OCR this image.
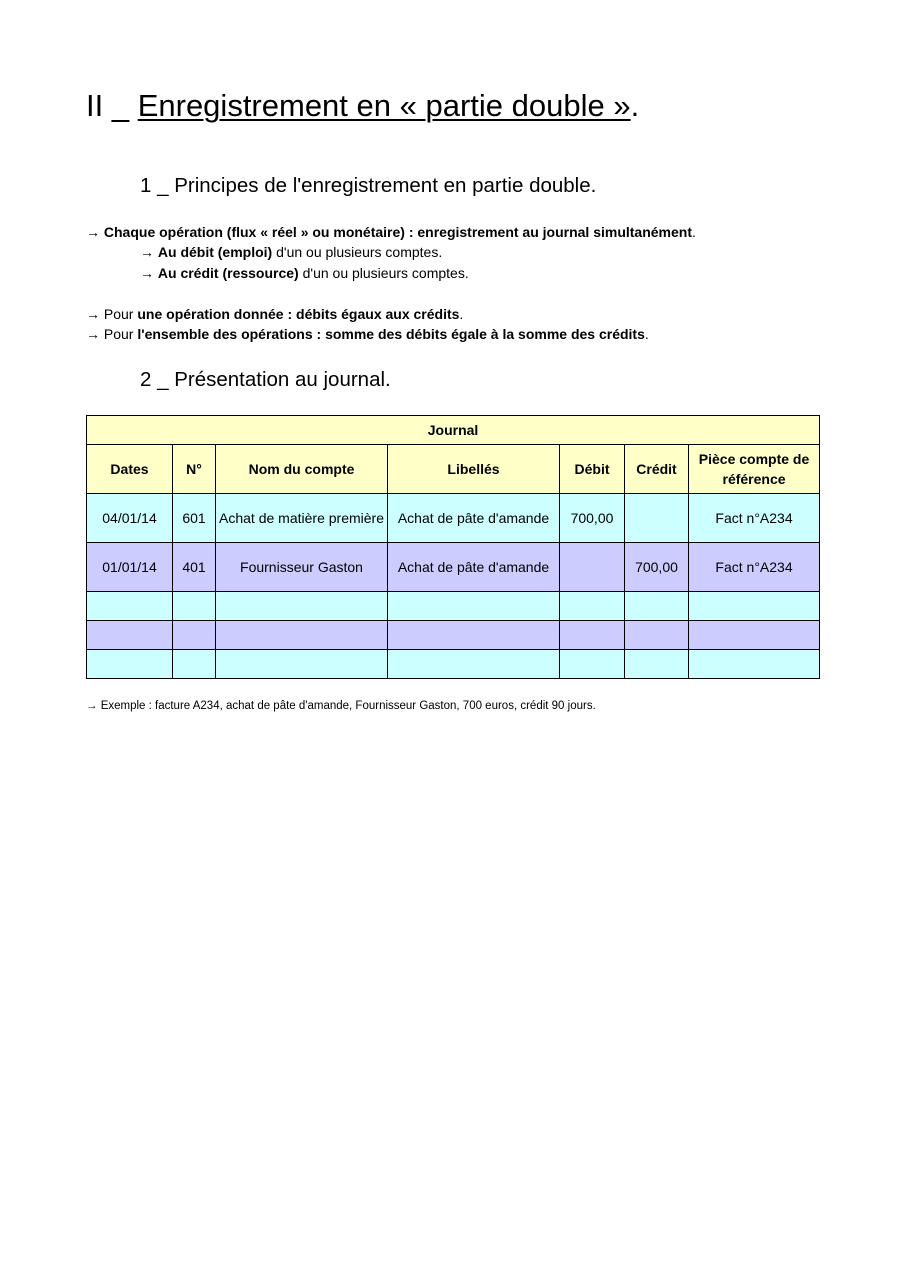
II _ Enregistrement en « partie double ».
1 _ Principes de l'enregistrement en partie double.
→ Chaque opération (flux « réel » ou monétaire) : enregistrement au journal simultanément.
→ Au débit (emploi) d'un ou plusieurs comptes.
→ Au crédit (ressource) d'un ou plusieurs comptes.
→ Pour une opération donnée : débits égaux aux crédits.
→ Pour l'ensemble des opérations : somme des débits égale à la somme des crédits.
2 _ Présentation au journal.
Journal						
Dates	N°	Nom du compte	Libellés	Débit	Crédit	Pièce compte de référence
04/01/14	601	Achat de matière première	Achat de pâte d'amande	700,00		Fact n°A234
01/01/14	401	Fournisseur Gaston	Achat de pâte d'amande		700,00	Fact n°A234

→ Exemple : facture A234, achat de pâte d'amande, Fournisseur Gaston, 700 euros, crédit 90 jours.
